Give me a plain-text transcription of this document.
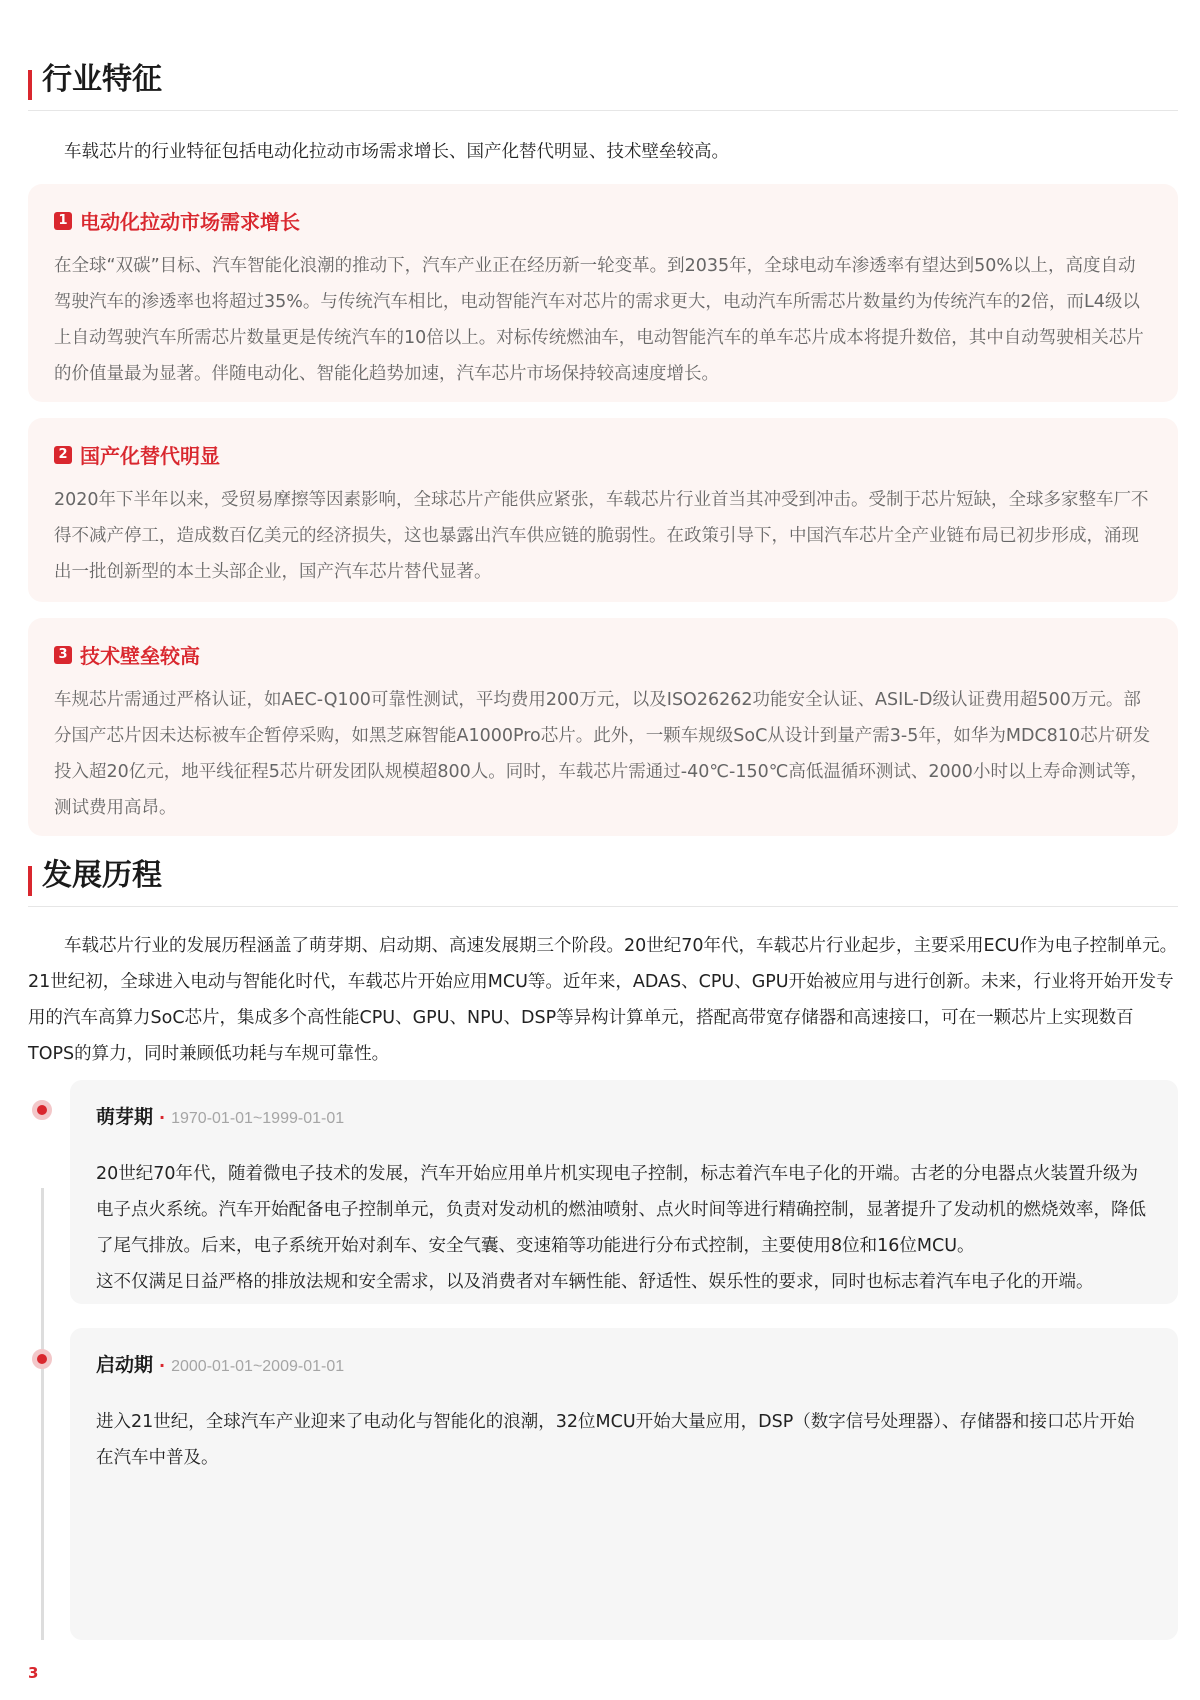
行业特征
车载芯片的行业特征包括电动化拉动市场需求增长、国产化替代明显、技术壁垒较高。
1 电动化拉动市场需求增长
在全球“双碳”目标、汽车智能化浪潮的推动下，汽车产业正在经历新一轮变革。到2035年，全球电动车渗透率有望达到50%以上，高度自动驾驶汽车的渗透率也将超过35%。与传统汽车相比，电动智能汽车对芯片的需求更大，电动汽车所需芯片数量约为传统汽车的2倍，而L4级以上自动驾驶汽车所需芯片数量更是传统汽车的10倍以上。对标传统燃油车，电动智能汽车的单车芯片成本将提升数倍，其中自动驾驶相关芯片的价值量最为显著。伴随电动化、智能化趋势加速，汽车芯片市场保持较高速度增长。
2 国产化替代明显
2020年下半年以来，受贸易摩擦等因素影响，全球芯片产能供应紧张，车载芯片行业首当其冲受到冲击。受制于芯片短缺，全球多家整车厂不得不减产停工，造成数百亿美元的经济损失，这也暴露出汽车供应链的脆弱性。在政策引导下，中国汽车芯片全产业链布局已初步形成，涌现出一批创新型的本土头部企业，国产汽车芯片替代显著。
3 技术壁垒较高
车规芯片需通过严格认证，如AEC-Q100可靠性测试，平均费用200万元，以及ISO26262功能安全认证、ASIL-D级认证费用超500万元。部分国产芯片因未达标被车企暂停采购，如黑芝麻智能A1000Pro芯片。此外，一颗车规级SoC从设计到量产需3-5年，如华为MDC810芯片研发投入超20亿元，地平线征程5芯片研发团队规模超800人。同时，车载芯片需通过-40℃-150℃高低温循环测试、2000小时以上寿命测试等，测试费用高昂。
发展历程
车载芯片行业的发展历程涵盖了萌芽期、启动期、高速发展期三个阶段。20世纪70年代，车载芯片行业起步，主要采用ECU作为电子控制单元。21世纪初，全球进入电动与智能化时代，车载芯片开始应用MCU等。近年来，ADAS、CPU、GPU开始被应用与进行创新。未来，行业将开始开发专用的汽车高算力SoC芯片，集成多个高性能CPU、GPU、NPU、DSP等异构计算单元，搭配高带宽存储器和高速接口，可在一颗芯片上实现数百TOPS的算力，同时兼顾低功耗与车规可靠性。
萌芽期 · 1970-01-01~1999-01-01
20世纪70年代，随着微电子技术的发展，汽车开始应用单片机实现电子控制，标志着汽车电子化的开端。古老的分电器点火装置升级为电子点火系统。汽车开始配备电子控制单元，负责对发动机的燃油喷射、点火时间等进行精确控制，显著提升了发动机的燃烧效率，降低了尾气排放。后来，电子系统开始对刹车、安全气囊、变速箱等功能进行分布式控制，主要使用8位和16位MCU。
这不仅满足日益严格的排放法规和安全需求，以及消费者对车辆性能、舒适性、娱乐性的要求，同时也标志着汽车电子化的开端。
启动期 · 2000-01-01~2009-01-01
进入21世纪，全球汽车产业迎来了电动化与智能化的浪潮，32位MCU开始大量应用，DSP（数字信号处理器）、存储器和接口芯片开始在汽车中普及。
3
